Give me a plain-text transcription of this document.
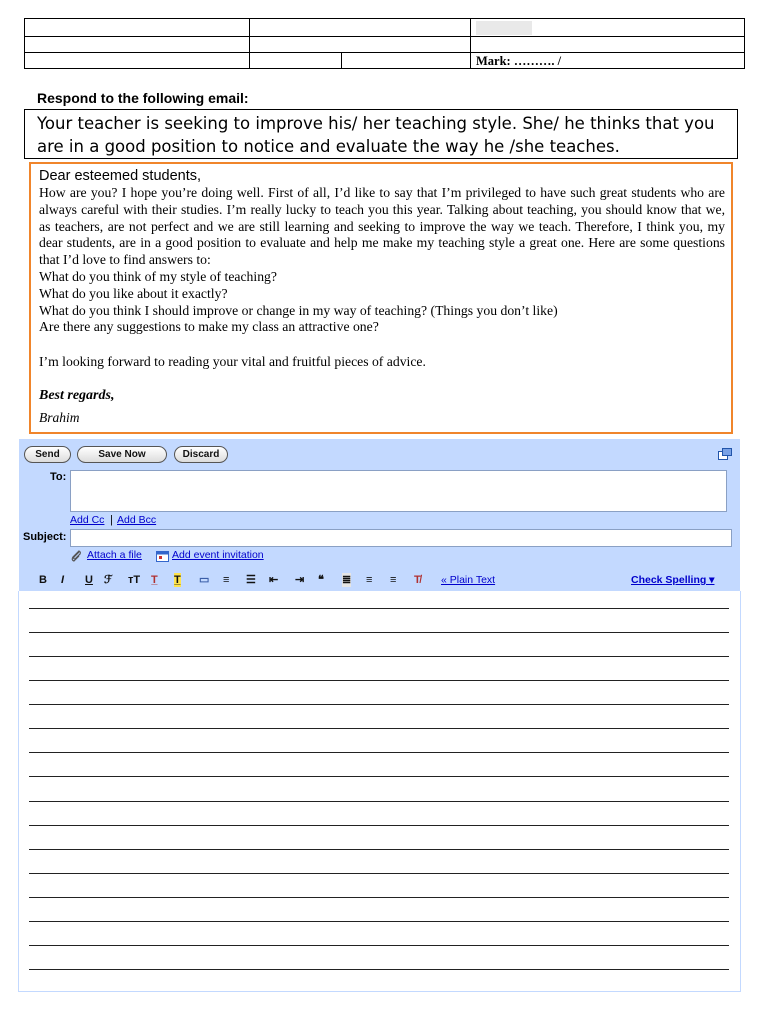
			Mark: ………. /
Respond to the following email:
Your teacher is seeking to improve his/ her teaching style. She/ he thinks that you are in a good position to notice and evaluate the way he /she teaches.
Dear esteemed students,

How are you? I hope you’re doing well. First of all, I’d like to say that I’m privileged to have such great students who are always careful with their studies. I’m really lucky to teach you this year. Talking about teaching, you should know that we, as teachers, are not perfect and we are still learning and seeking to improve the way we teach. Therefore, I think you, my dear students, are in a good position to evaluate and help me make my teaching style a great one. Here are some questions that I’d love to find answers to:

What do you think of my style of teaching?
What do you like about it exactly?
What do you think I should improve or change in my way of teaching? (Things you don’t like)
Are there any suggestions to make my class an attractive one?
I’m looking forward to reading your vital and fruitful pieces of advice.
Best regards,
Brahim
Send	Save Now	Discard
To:
Add Cc | Add Bcc
Subject:
Attach a file	Add event invitation
B I U ℱ тT T̲ T̲ ▭ ≡ ☰ ⇤ ⇥ ❝ ≣ ≡ ≡ T̸ « Plain Text	Check Spelling ▾
